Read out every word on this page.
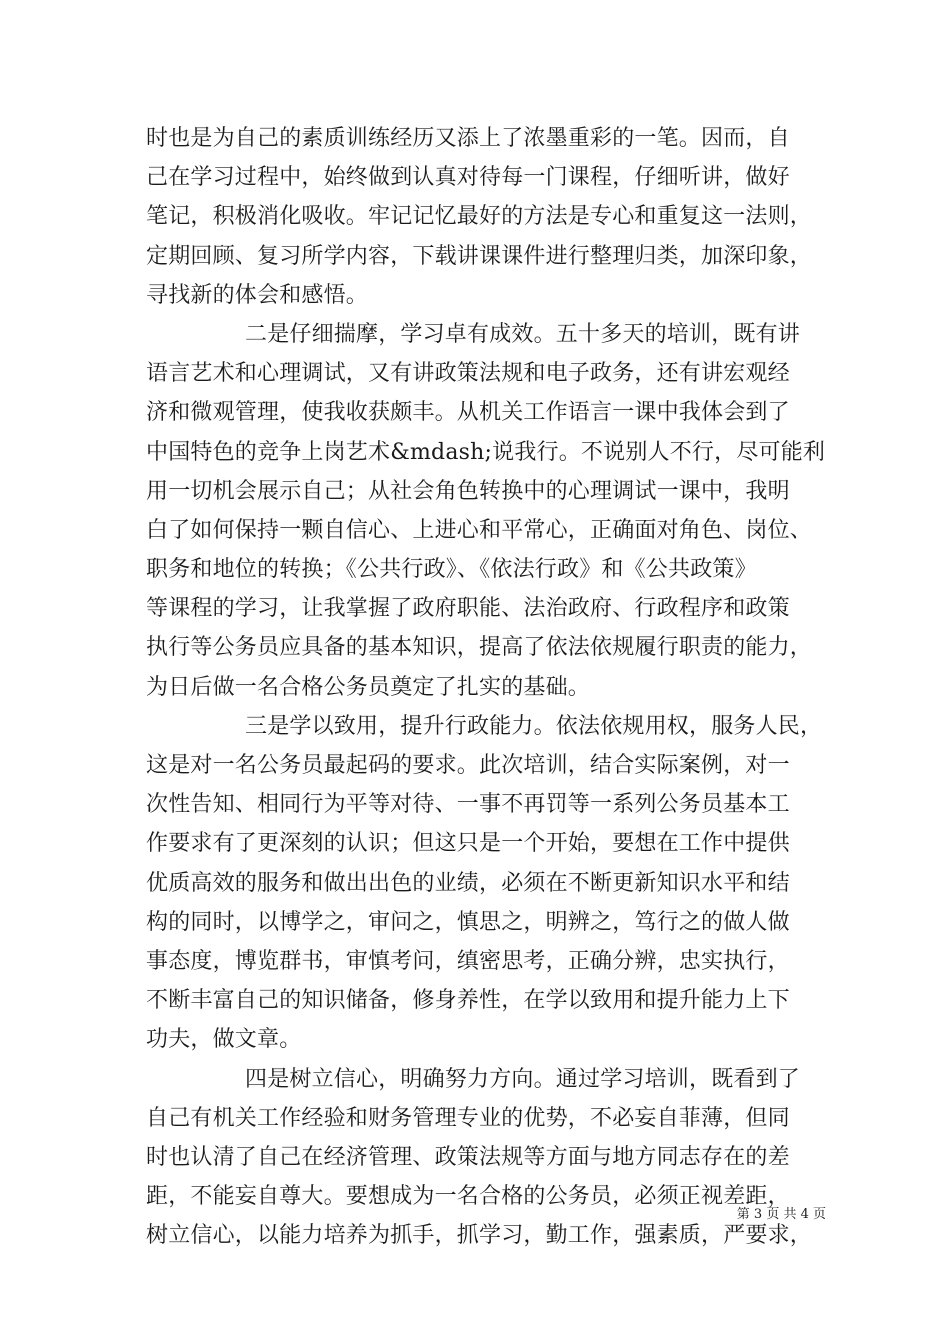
时也是为自己的素质训练经历又添上了浓墨重彩的一笔。因而，自
己在学习过程中，始终做到认真对待每一门课程，仔细听讲，做好
笔记，积极消化吸收。牢记记忆最好的方法是专心和重复这一法则，
定期回顾、复习所学内容，下载讲课课件进行整理归类，加深印象，
寻找新的体会和感悟。
二是仔细揣摩，学习卓有成效。五十多天的培训，既有讲
语言艺术和心理调试，又有讲政策法规和电子政务，还有讲宏观经
济和微观管理，使我收获颇丰。从机关工作语言一课中我体会到了
中国特色的竞争上岗艺术&mdash;说我行。不说别人不行，尽可能利
用一切机会展示自己；从社会角色转换中的心理调试一课中，我明
白了如何保持一颗自信心、上进心和平常心，正确面对角色、岗位、
职务和地位的转换；《公共行政》、《依法行政》和《公共政策》
等课程的学习，让我掌握了政府职能、法治政府、行政程序和政策
执行等公务员应具备的基本知识，提高了依法依规履行职责的能力，
为日后做一名合格公务员奠定了扎实的基础。
三是学以致用，提升行政能力。依法依规用权，服务人民，
这是对一名公务员最起码的要求。此次培训，结合实际案例，对一
次性告知、相同行为平等对待、一事不再罚等一系列公务员基本工
作要求有了更深刻的认识；但这只是一个开始，要想在工作中提供
优质高效的服务和做出出色的业绩，必须在不断更新知识水平和结
构的同时，以博学之，审问之，慎思之，明辨之，笃行之的做人做
事态度，博览群书，审慎考问，缜密思考，正确分辨，忠实执行，
不断丰富自己的知识储备，修身养性，在学以致用和提升能力上下
功夫，做文章。
四是树立信心，明确努力方向。通过学习培训，既看到了
自己有机关工作经验和财务管理专业的优势，不必妄自菲薄，但同
时也认清了自己在经济管理、政策法规等方面与地方同志存在的差
距，不能妄自尊大。要想成为一名合格的公务员，必须正视差距，
树立信心，以能力培养为抓手，抓学习，勤工作，强素质，严要求，
第 3 页 共 4 页
